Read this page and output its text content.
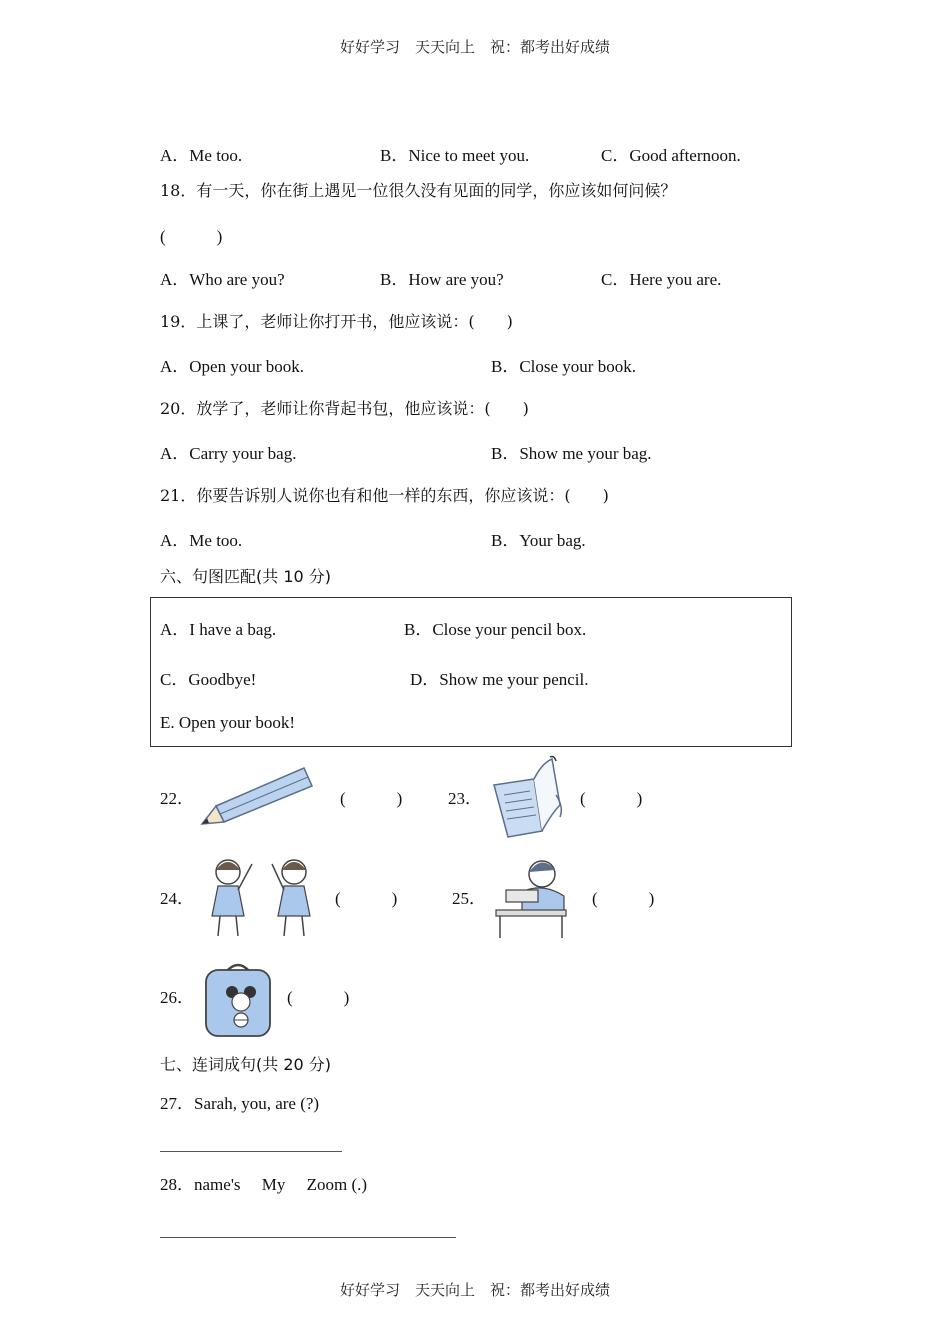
好好学习　天天向上　祝：都考出好成绩
A．Me too.	B．Nice to meet you.	C．Good afternoon.
18．有一天，你在街上遇见一位很久没有见面的同学，你应该如何问候？
(　　　)
A．Who are you?	B．How are you?	C．Here you are.
19．上课了，老师让你打开书，他应该说：(　　)
A．Open your book.	B．Close your book.
20．放学了，老师让你背起书包，他应该说：(　　)
A．Carry your bag.	B．Show me your bag.
21．你要告诉别人说你也有和他一样的东西，你应该说：(　　)
A．Me too.	B．Your bag.
六、句图匹配(共 10 分)
A．I have a bag.	B．Close your pencil box.
C．Goodbye!	D．Show me your pencil.
E. Open your book!
22．	(　　　)	23．	(　　　)
24．	(　　　)	25．	(　　　)
26．	(　　　)
七、连词成句(共 20 分)
27．Sarah, you, are (?)
28．name's　 My　 Zoom (.)
好好学习　天天向上　祝：都考出好成绩
